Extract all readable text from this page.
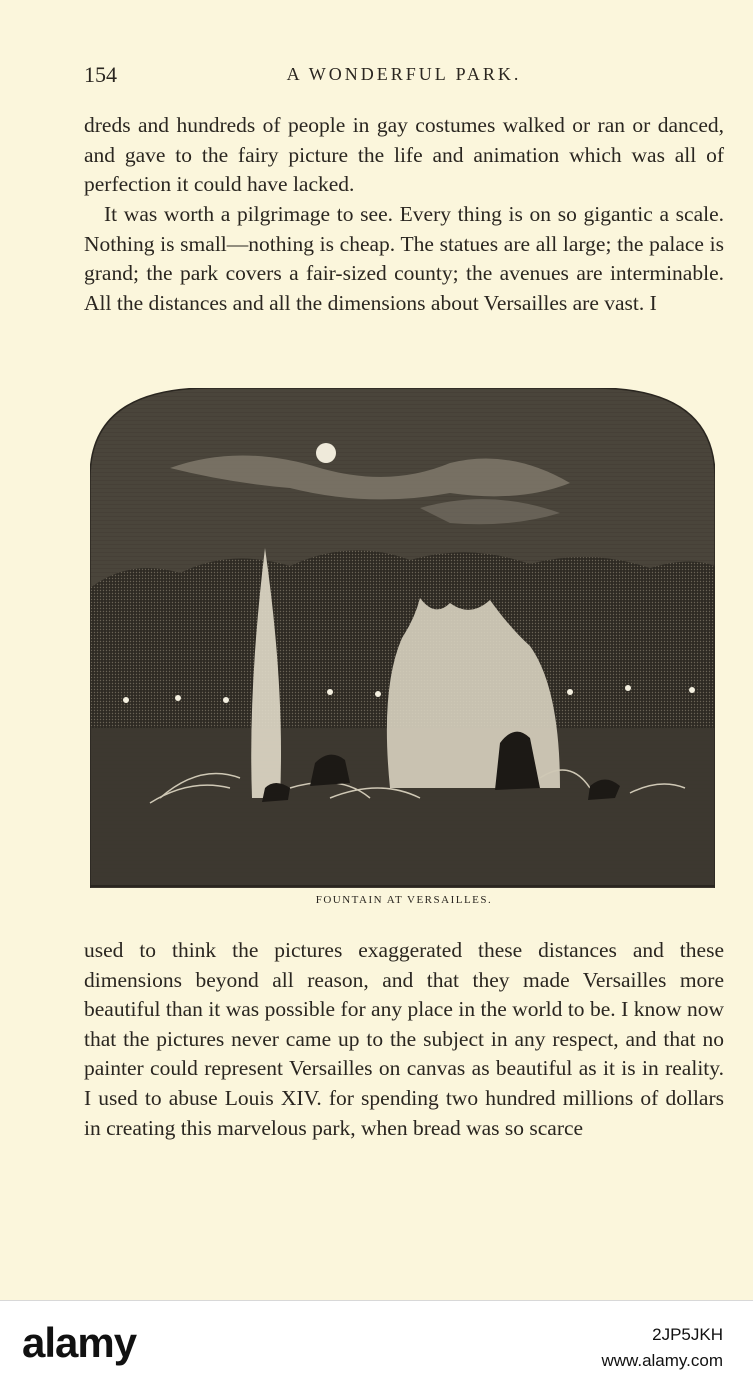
154	A WONDERFUL PARK.

dreds and hundreds of people in gay costumes walked or ran or danced, and gave to the fairy picture the life and animation which was all of perfection it could have lacked.

It was worth a pilgrimage to see. Every thing is on so gigantic a scale. Nothing is small—nothing is cheap. The statues are all large; the palace is grand; the park covers a fair-sized county; the avenues are interminable. All the distances and all the dimensions about Versailles are vast. I

FOUNTAIN AT VERSAILLES.

used to think the pictures exaggerated these distances and these dimensions beyond all reason, and that they made Versailles more beautiful than it was possible for any place in the world to be. I know now that the pictures never came up to the subject in any respect, and that no painter could represent Versailles on canvas as beautiful as it is in reality. I used to abuse Louis XIV. for spending two hundred millions of dollars in creating this marvelous park, when bread was so scarce

alamy	2JP5JKH
www.alamy.com
